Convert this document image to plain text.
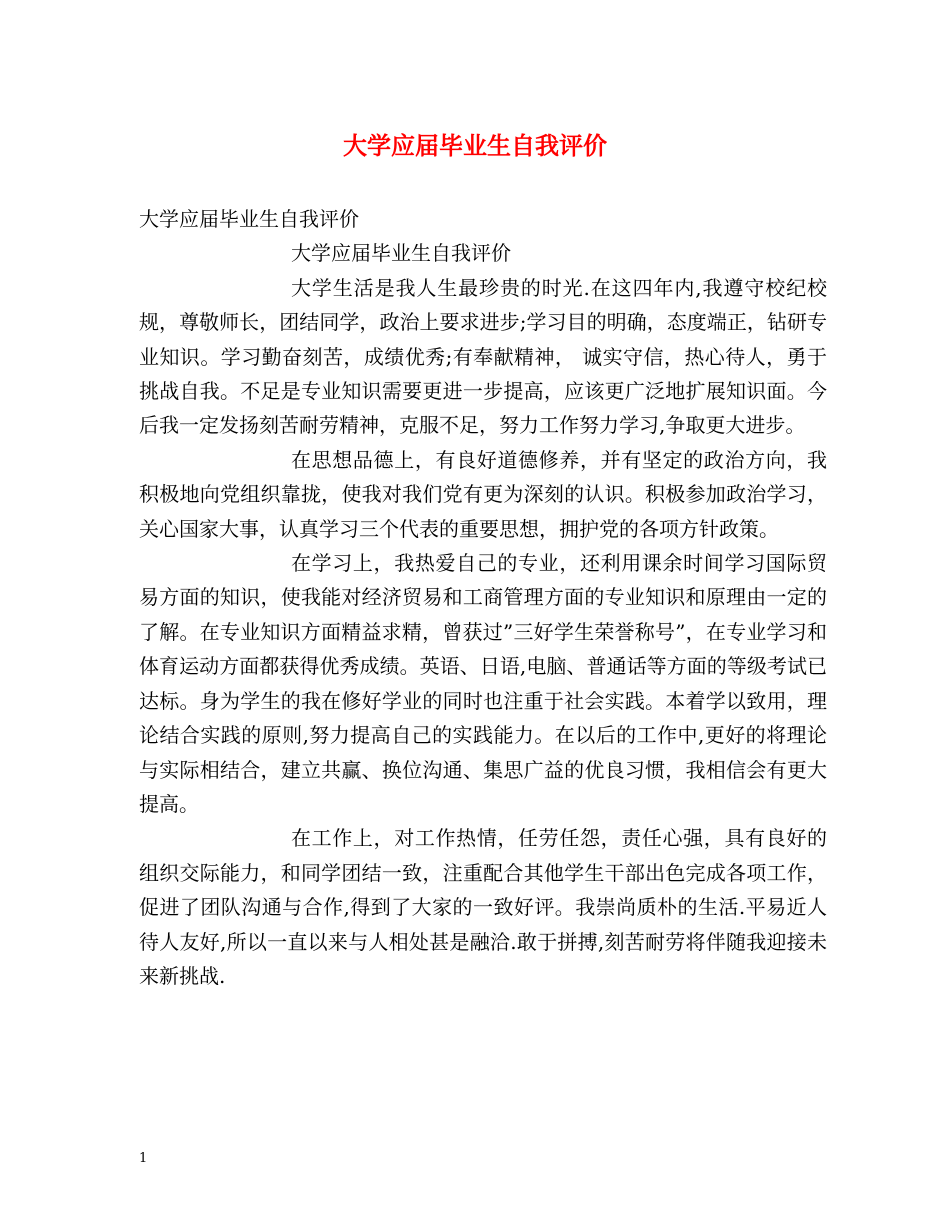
大学应届毕业生自我评价

大学应届毕业生自我评价

大学应届毕业生自我评价

大学生活是我人生最珍贵的时光.在这四年内,我遵守校纪校规，尊敬师长，团结同学，政治上要求进步;学习目的明确，态度端正，钻研专业知识。学习勤奋刻苦，成绩优秀;有奉献精神， 诚实守信，热心待人，勇于挑战自我。不足是专业知识需要更进一步提高，应该更广泛地扩展知识面。今后我一定发扬刻苦耐劳精神，克服不足，努力工作努力学习,争取更大进步。

在思想品德上，有良好道德修养，并有坚定的政治方向，我积极地向党组织靠拢，使我对我们党有更为深刻的认识。积极参加政治学习，关心国家大事，认真学习三个代表的重要思想，拥护党的各项方针政策。

在学习上，我热爱自己的专业，还利用课余时间学习国际贸易方面的知识，使我能对经济贸易和工商管理方面的专业知识和原理由一定的了解。在专业知识方面精益求精，曾获过”三好学生荣誉称号”，在专业学习和体育运动方面都获得优秀成绩。英语、日语,电脑、普通话等方面的等级考试已达标。身为学生的我在修好学业的同时也注重于社会实践。本着学以致用，理论结合实践的原则,努力提高自己的实践能力。在以后的工作中,更好的将理论与实际相结合，建立共赢、换位沟通、集思广益的优良习惯，我相信会有更大提高。

在工作上，对工作热情，任劳任怨，责任心强，具有良好的组织交际能力，和同学团结一致，注重配合其他学生干部出色完成各项工作，促进了团队沟通与合作,得到了大家的一致好评。我崇尚质朴的生活.平易近人待人友好,所以一直以来与人相处甚是融洽.敢于拼搏,刻苦耐劳将伴随我迎接未来新挑战.

1
